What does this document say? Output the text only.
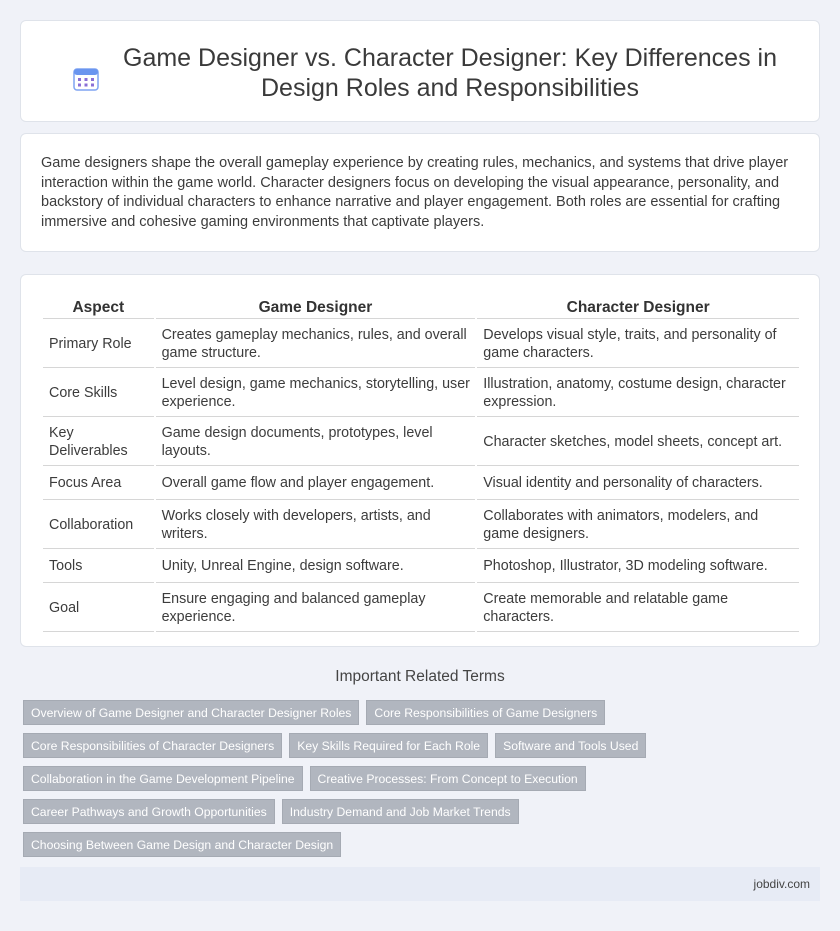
Game Designer vs. Character Designer: Key Differences in Design Roles and Responsibilities

Game designers shape the overall gameplay experience by creating rules, mechanics, and systems that drive player interaction within the game world. Character designers focus on developing the visual appearance, personality, and backstory of individual characters to enhance narrative and player engagement. Both roles are essential for crafting immersive and cohesive gaming environments that captivate players.

Aspect	Game Designer	Character Designer
Primary Role	Creates gameplay mechanics, rules, and overall game structure.	Develops visual style, traits, and personality of game characters.
Core Skills	Level design, game mechanics, storytelling, user experience.	Illustration, anatomy, costume design, character expression.
Key Deliverables	Game design documents, prototypes, level layouts.	Character sketches, model sheets, concept art.
Focus Area	Overall game flow and player engagement.	Visual identity and personality of characters.
Collaboration	Works closely with developers, artists, and writers.	Collaborates with animators, modelers, and game designers.
Tools	Unity, Unreal Engine, design software.	Photoshop, Illustrator, 3D modeling software.
Goal	Ensure engaging and balanced gameplay experience.	Create memorable and relatable game characters.
Important Related Terms
Overview of Game Designer and Character Designer Roles	Core Responsibilities of Game Designers
Core Responsibilities of Character Designers	Key Skills Required for Each Role	Software and Tools Used
Collaboration in the Game Development Pipeline	Creative Processes: From Concept to Execution
Career Pathways and Growth Opportunities	Industry Demand and Job Market Trends
Choosing Between Game Design and Character Design
jobdiv.com
